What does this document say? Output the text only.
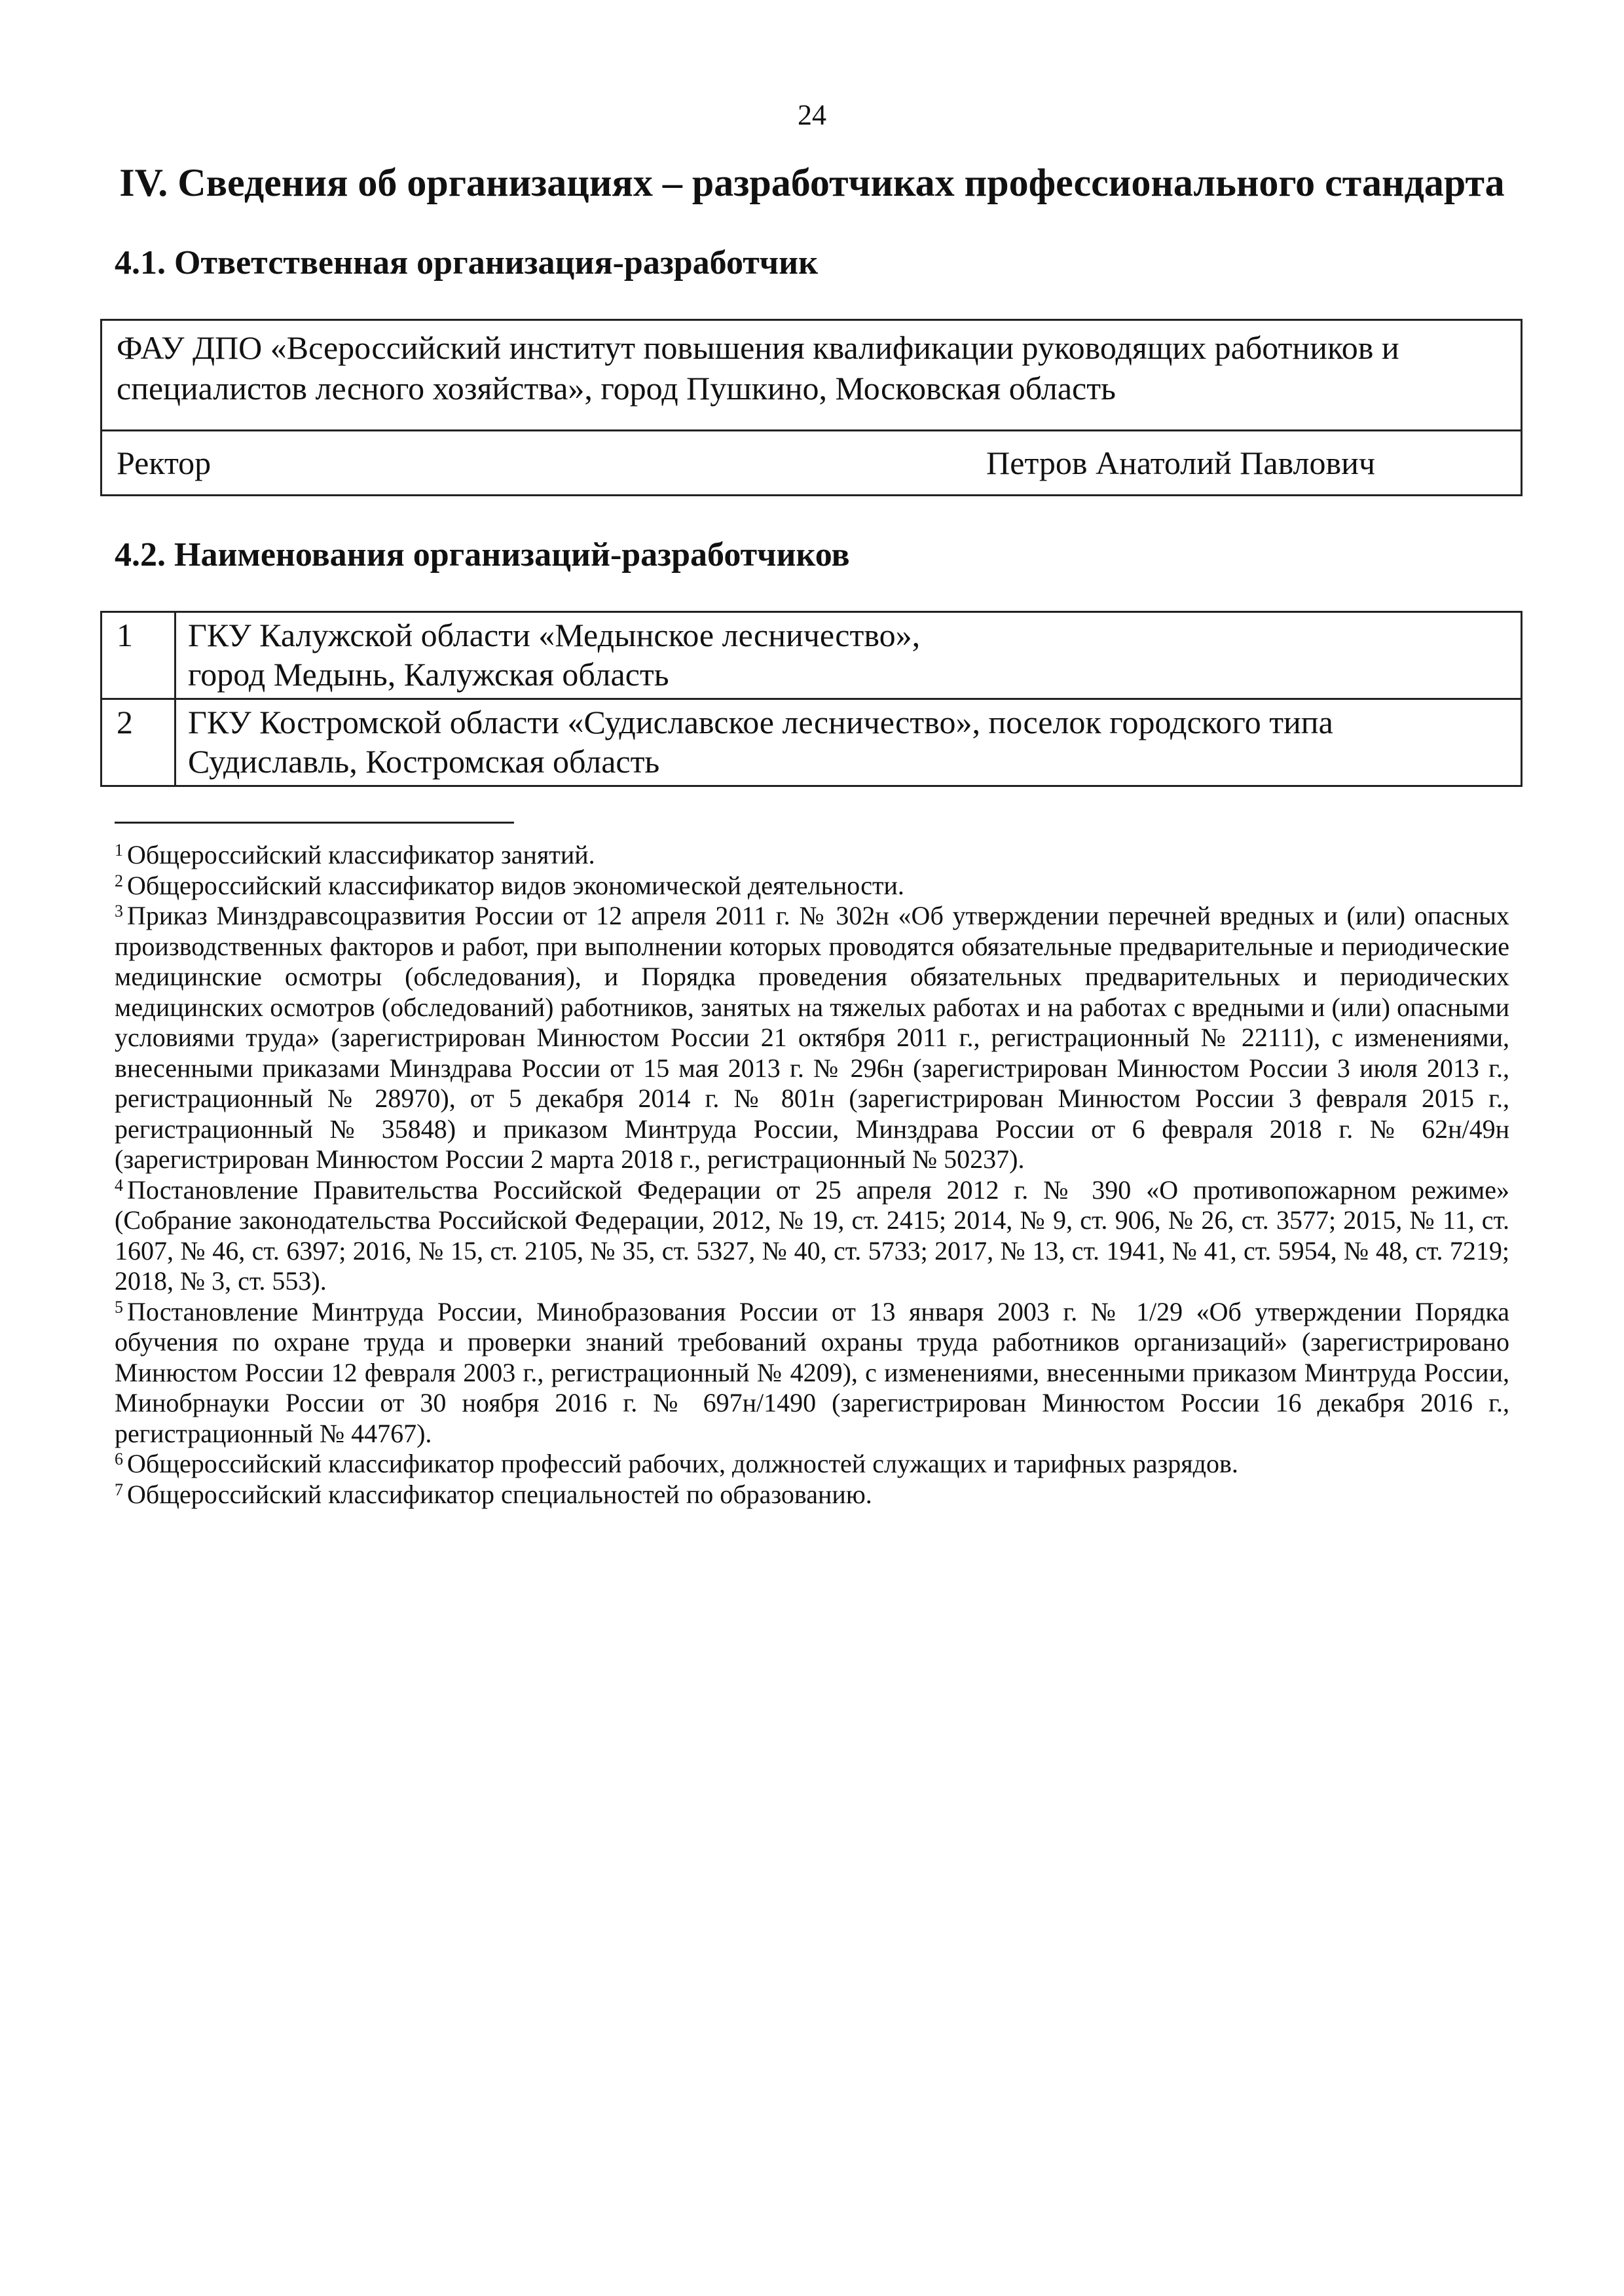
24
IV. Сведения об организациях – разработчиках профессионального стандарта
4.1. Ответственная организация-разработчик
ФАУ ДПО «Всероссийский институт повышения квалификации руководящих работников и
специалистов лесного хозяйства», город Пушкино, Московская область

Ректор	Петров Анатолий Павлович
4.2. Наименования организаций-разработчиков
1	ГКУ Калужской области «Медынское лесничество»,
город Медынь, Калужская область

2	ГКУ Костромской области «Судиславское лесничество», поселок городского типа
Судиславль, Костромская область

$^1$ Общероссийский классификатор занятий.

$^2$ Общероссийский классификатор видов экономической деятельности.

$^3$ Приказ Минздравсоцразвития России от 12 апреля 2011 г. № 302н «Об утверждении перечней вредных и (или) опасных производственных факторов и работ, при выполнении которых проводятся обязательные предварительные и периодические медицинские осмотры (обследования), и Порядка проведения обязательных предварительных и периодических медицинских осмотров (обследований) работников, занятых на тяжелых работах и на работах с вредными и (или) опасными условиями труда» (зарегистрирован Минюстом России 21 октября 2011 г., регистрационный № 22111), с изменениями, внесенными приказами Минздрава России от 15 мая 2013 г. № 296н (зарегистрирован Минюстом России 3 июля 2013 г., регистрационный № 28970), от 5 декабря 2014 г. № 801н (зарегистрирован Минюстом России 3 февраля 2015 г., регистрационный № 35848) и приказом Минтруда России, Минздрава России от 6 февраля 2018 г. № 62н/49н (зарегистрирован Минюстом России 2 марта 2018 г., регистрационный № 50237).

$^4$ Постановление Правительства Российской Федерации от 25 апреля 2012 г. № 390 «О противопожарном режиме» (Собрание законодательства Российской Федерации, 2012, № 19, ст. 2415; 2014, № 9, ст. 906, № 26, ст. 3577; 2015, № 11, ст. 1607, № 46, ст. 6397; 2016, № 15, ст. 2105, № 35, ст. 5327, № 40, ст. 5733; 2017, № 13, ст. 1941, № 41, ст. 5954, № 48, ст. 7219; 2018, № 3, ст. 553).

$^5$ Постановление Минтруда России, Минобразования России от 13 января 2003 г. № 1/29 «Об утверждении Порядка обучения по охране труда и проверки знаний требований охраны труда работников организаций» (зарегистрировано Минюстом России 12 февраля 2003 г., регистрационный № 4209), с изменениями, внесенными приказом Минтруда России, Минобрнауки России от 30 ноября 2016 г. № 697н/1490 (зарегистрирован Минюстом России 16 декабря 2016 г., регистрационный № 44767).

$^6$ Общероссийский классификатор профессий рабочих, должностей служащих и тарифных разрядов.

$^7$ Общероссийский классификатор специальностей по образованию.
